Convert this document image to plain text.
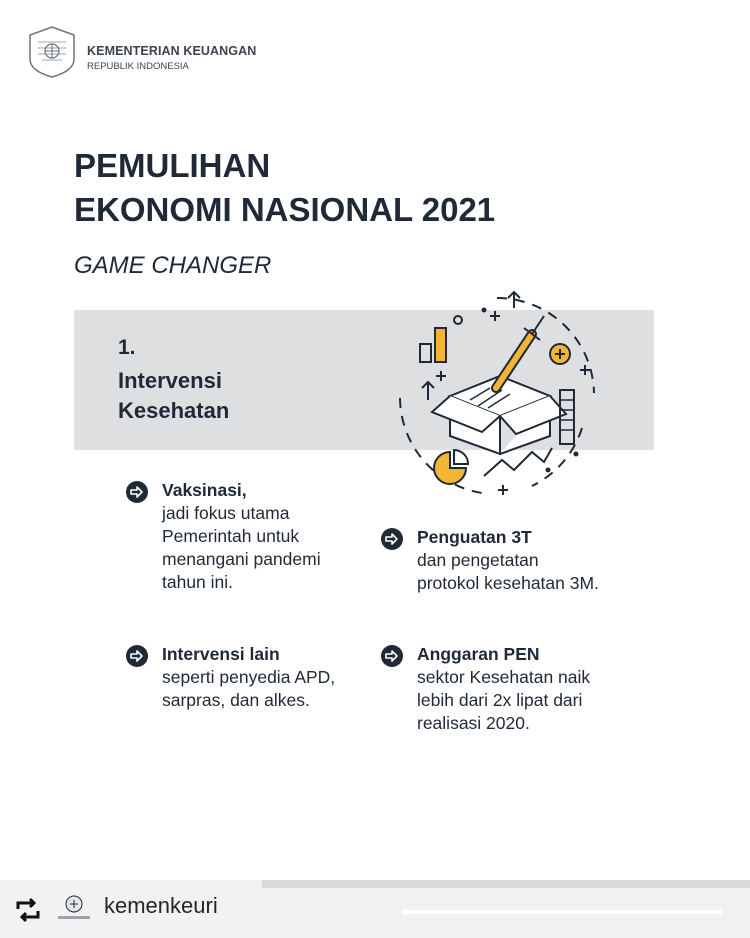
KEMENTERIAN KEUANGAN
REPUBLIK INDONESIA
PEMULIHAN
EKONOMI NASIONAL 2021
GAME CHANGER
1.
Intervensi
Kesehatan
Vaksinasi,
jadi fokus utama
Pemerintah untuk
menangani pandemi
tahun ini.
Penguatan 3T
dan pengetatan
protokol kesehatan 3M.
Intervensi lain
seperti penyedia APD,
sarpras, dan alkes.
Anggaran PEN
sektor Kesehatan naik
lebih dari 2x lipat dari
realisasi 2020.
kemenkeuri
